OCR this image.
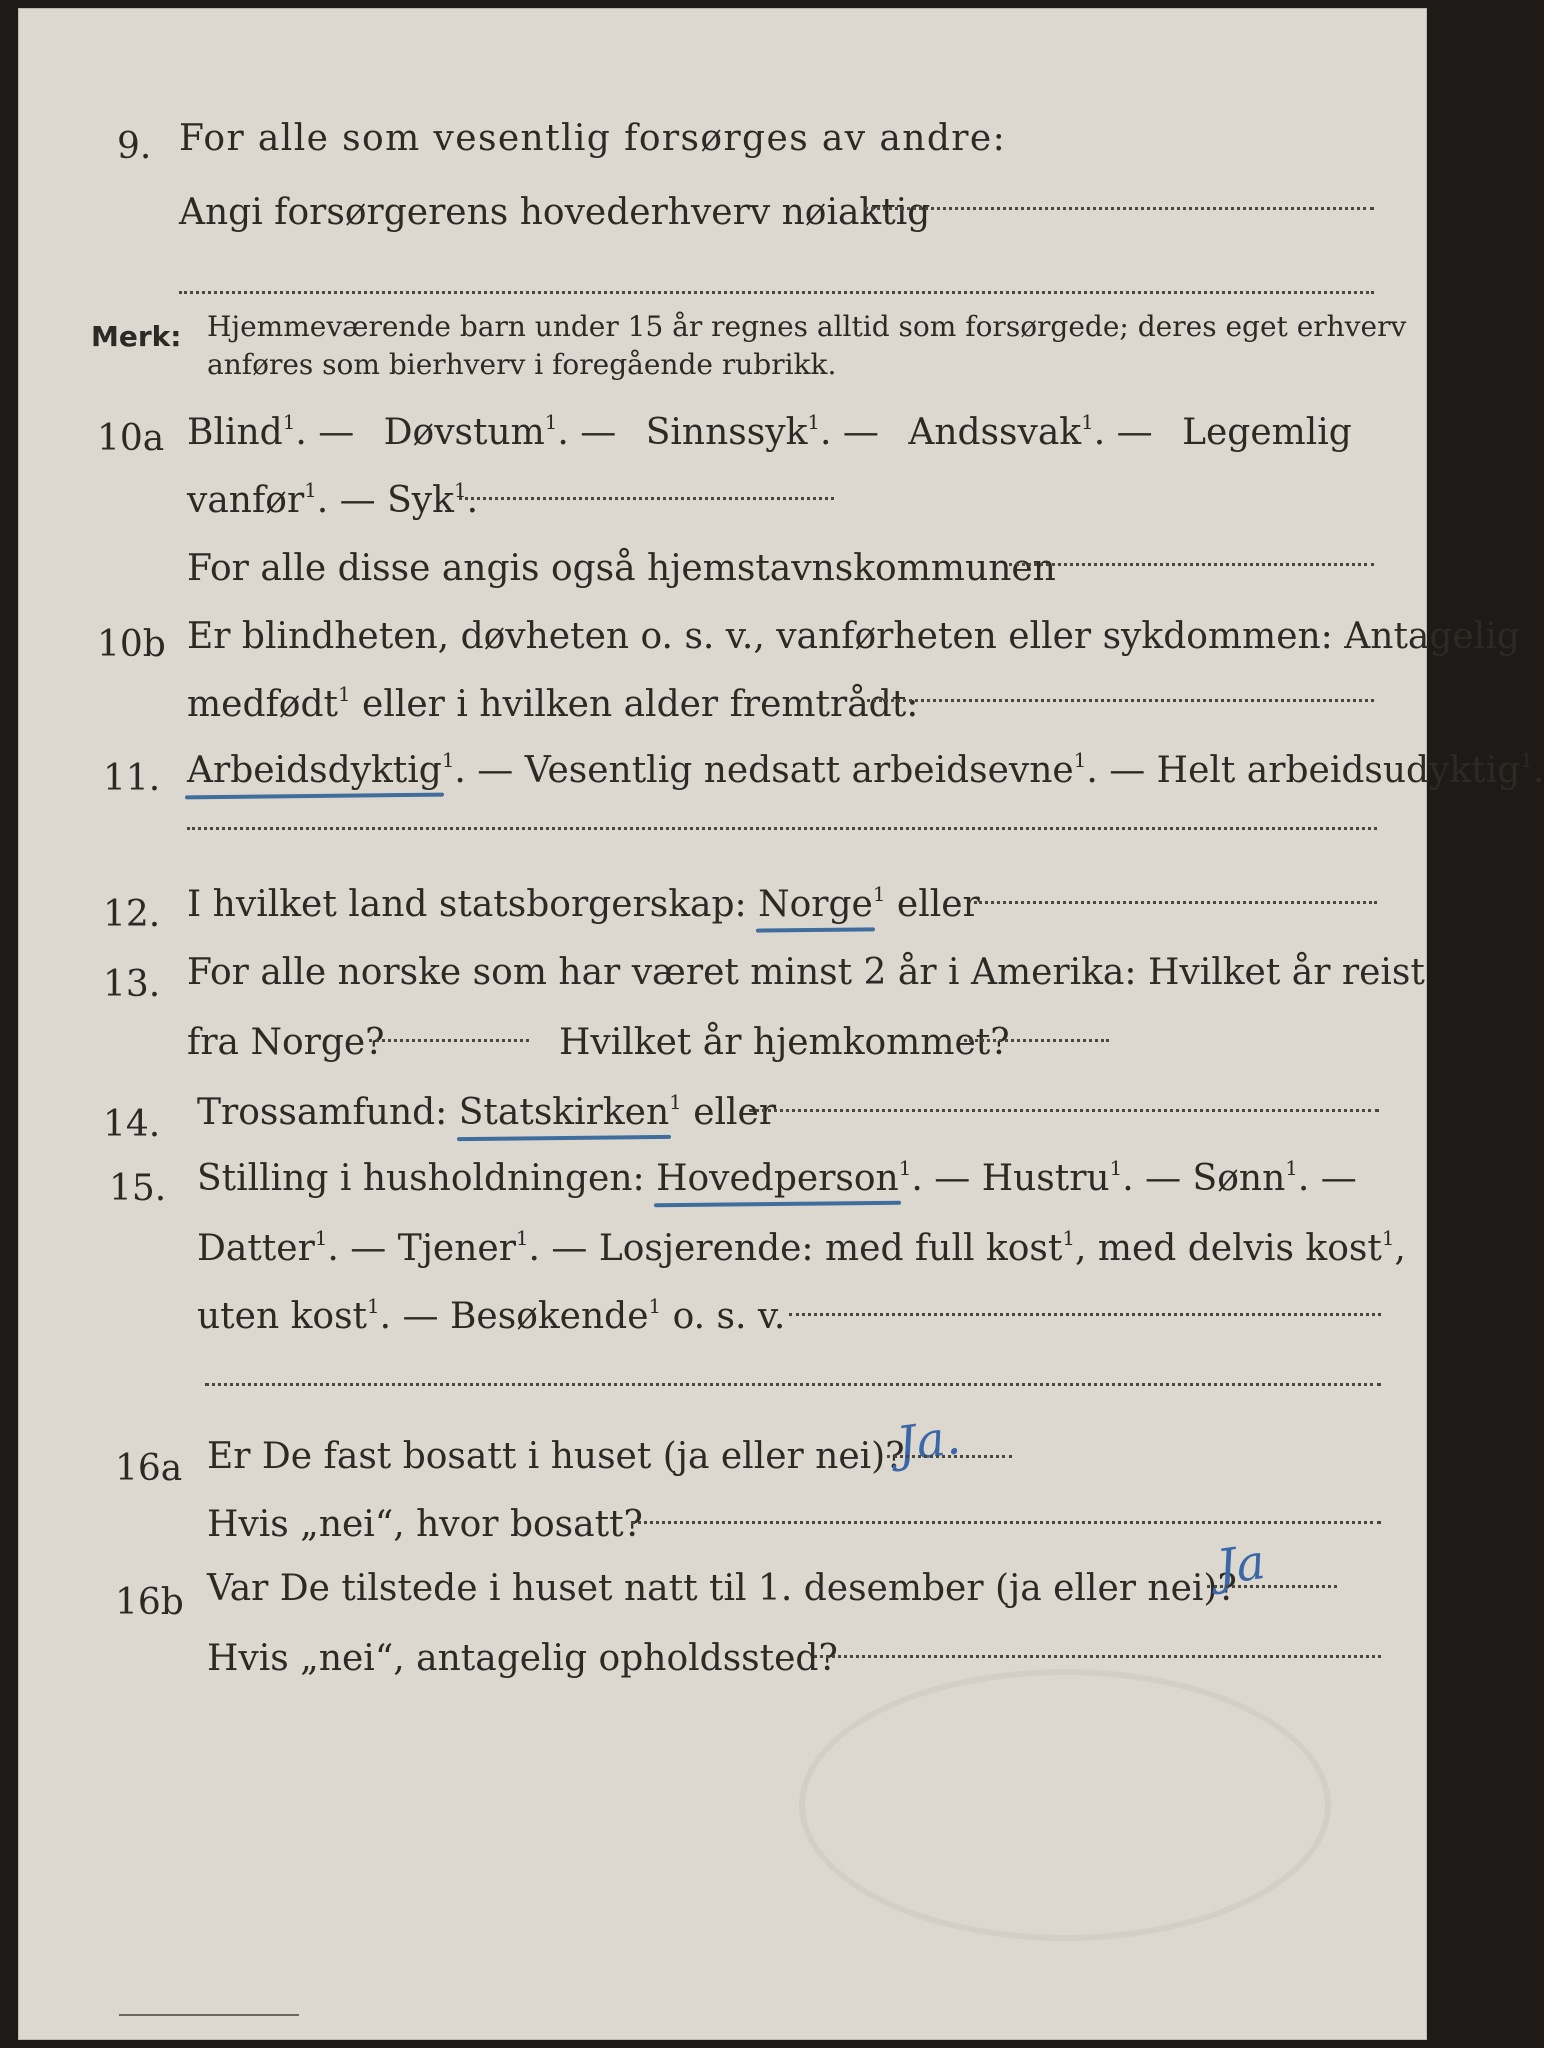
9. For alle som vesentlig forsørges av andre:
Angi forsørgerens hovederhverv nøiaktig
Merk: Hjemmeværende barn under 15 år regnes alltid som forsørgede; deres eget erhverv
anføres som bierhverv i foregående rubrikk.
10a Blind$^1$. — Døvstum$^1$. — Sinnssyk$^1$. — Andssvak$^1$. — Legemlig
vanfør$^1$. — Syk$^1$.
For alle disse angis også hjemstavnskommunen
10b Er blindheten, døvheten o. s. v., vanførheten eller sykdommen: Antagelig
medfødt$^1$ eller i hvilken alder fremtrådt:
11. Arbeidsdyktig$^1$. — Vesentlig nedsatt arbeidsevne$^1$. — Helt arbeidsudyktig$^1$.
12. I hvilket land statsborgerskap: Norge$^1$ eller
13. For alle norske som har været minst 2 år i Amerika: Hvilket år reist
fra Norge?	Hvilket år hjemkommet?
14. Trossamfund: Statskirken$^1$ eller
15. Stilling i husholdningen: Hovedperson$^1$. — Hustru$^1$. — Sønn$^1$. —
Datter$^1$. — Tjener$^1$. — Losjerende: med full kost$^1$, med delvis kost$^1$,
uten kost$^1$. — Besøkende$^1$ o. s. v.
16a Er De fast bosatt i huset (ja eller nei)?
Ja.
Hvis „nei“, hvor bosatt?
16b Var De tilstede i huset natt til 1. desember (ja eller nei)?
Ja
Hvis „nei“, antagelig opholdssted?
